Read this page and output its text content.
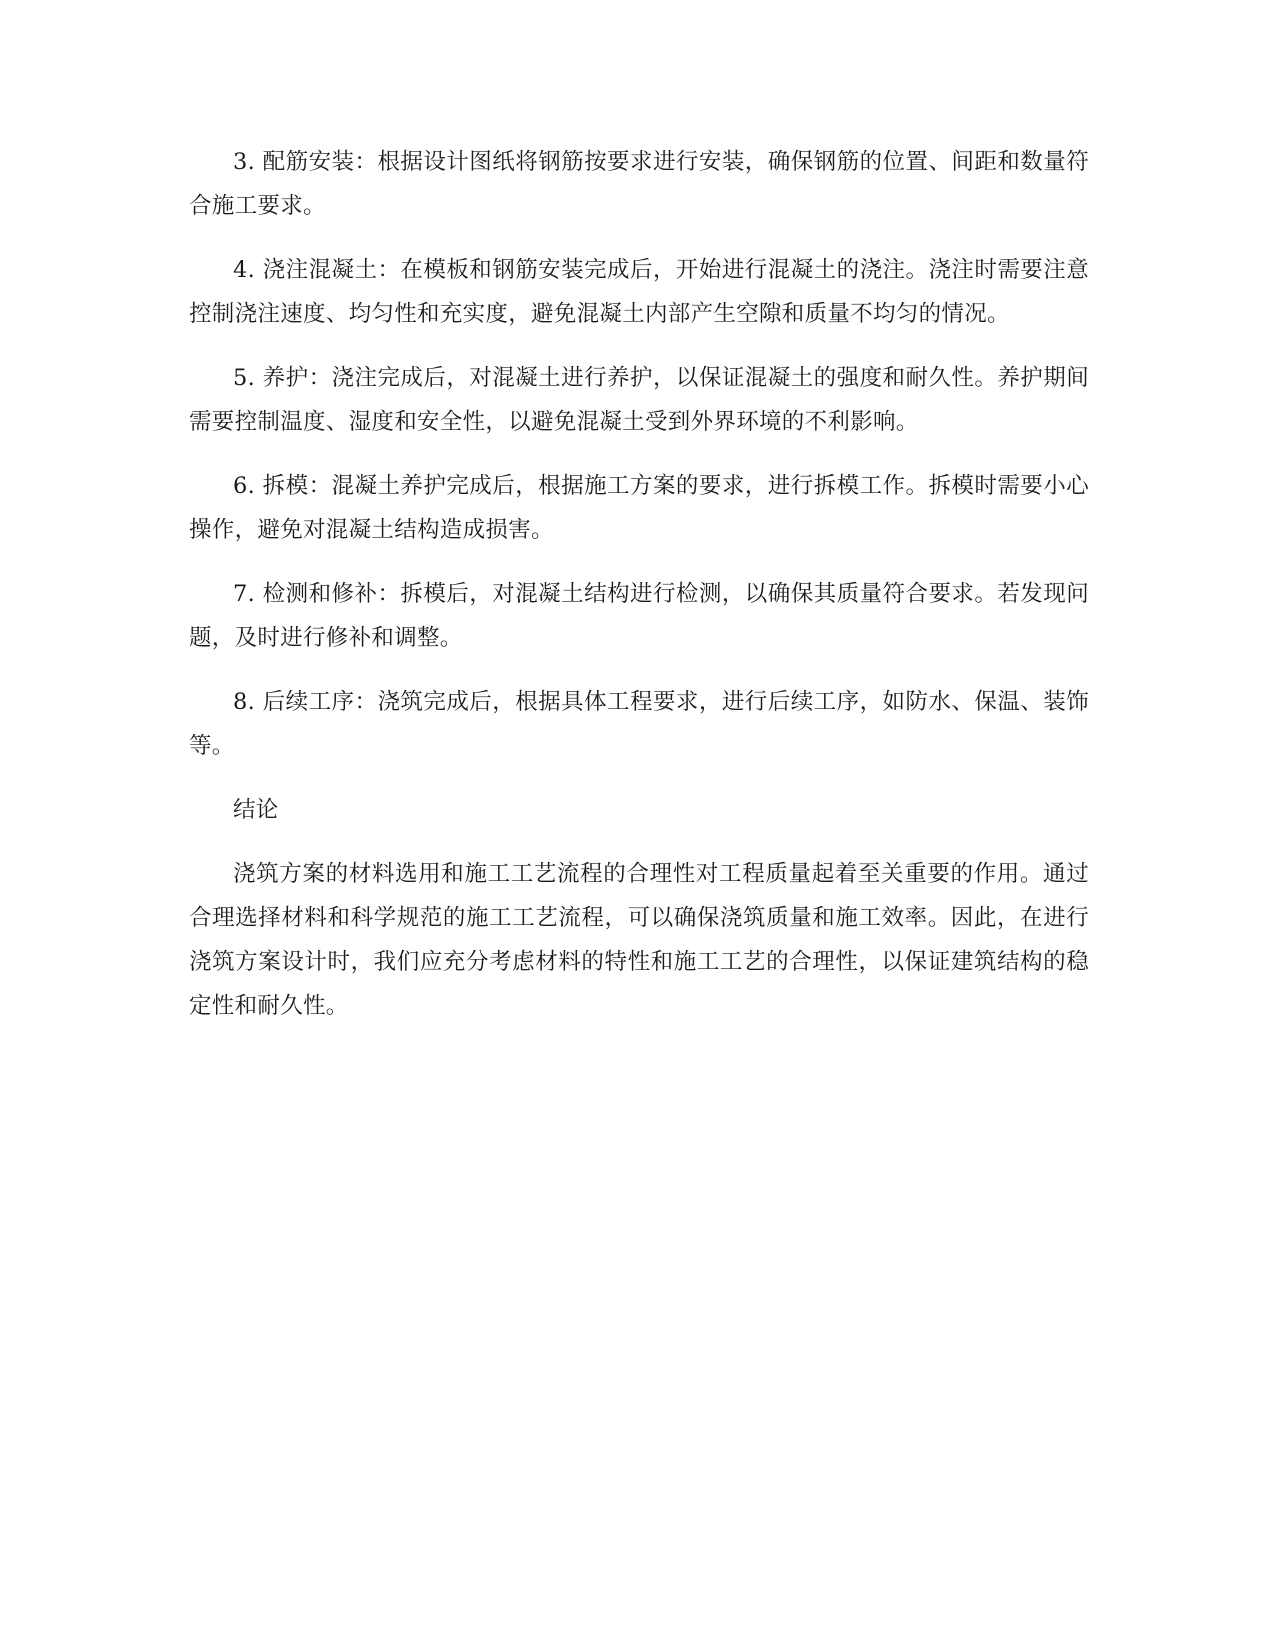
3. 配筋安装：根据设计图纸将钢筋按要求进行安装，确保钢筋的位置、间距和数量符合施工要求。

4. 浇注混凝土：在模板和钢筋安装完成后，开始进行混凝土的浇注。浇注时需要注意控制浇注速度、均匀性和充实度，避免混凝土内部产生空隙和质量不均匀的情况。

5. 养护：浇注完成后，对混凝土进行养护，以保证混凝土的强度和耐久性。养护期间需要控制温度、湿度和安全性，以避免混凝土受到外界环境的不利影响。

6. 拆模：混凝土养护完成后，根据施工方案的要求，进行拆模工作。拆模时需要小心操作，避免对混凝土结构造成损害。

7. 检测和修补：拆模后，对混凝土结构进行检测，以确保其质量符合要求。若发现问题，及时进行修补和调整。

8. 后续工序：浇筑完成后，根据具体工程要求，进行后续工序，如防水、保温、装饰等。

结论

浇筑方案的材料选用和施工工艺流程的合理性对工程质量起着至关重要的作用。通过合理选择材料和科学规范的施工工艺流程，可以确保浇筑质量和施工效率。因此，在进行浇筑方案设计时，我们应充分考虑材料的特性和施工工艺的合理性，以保证建筑结构的稳定性和耐久性。
